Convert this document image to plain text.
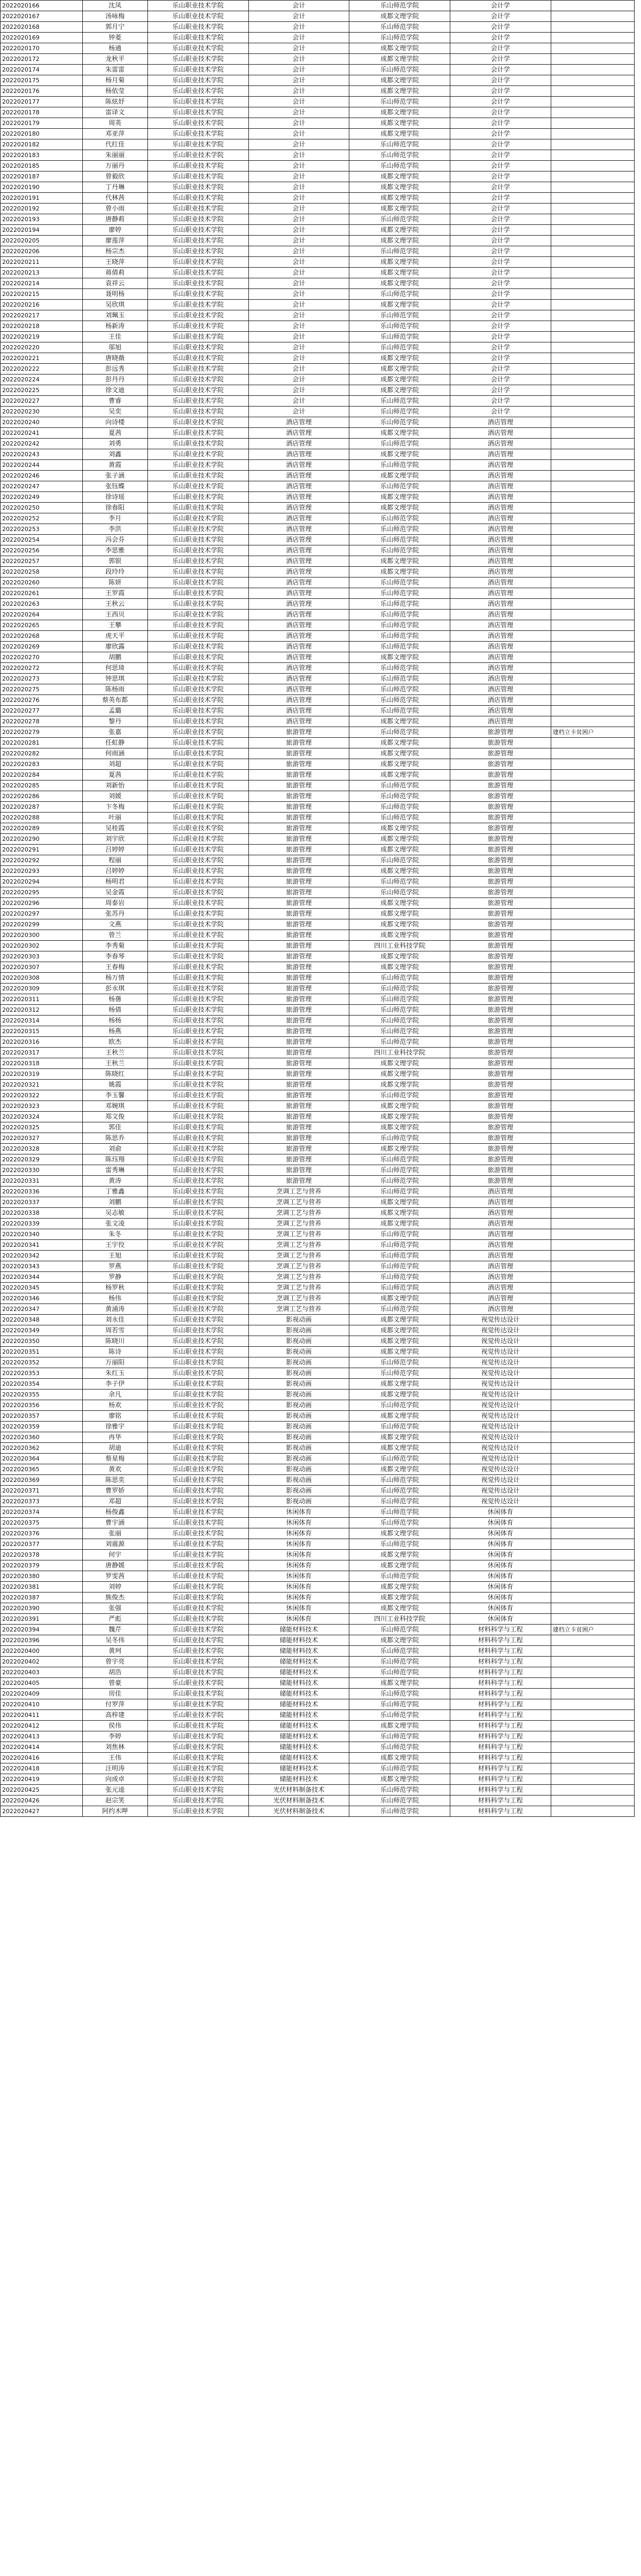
2022020166	沈凤	乐山职业技术学院	会计	乐山师范学院	会计学	
2022020167	汤咏梅	乐山职业技术学院	会计	成都文理学院	会计学	
2022020168	郭月宁	乐山职业技术学院	会计	乐山师范学院	会计学	
2022020169	钟菱	乐山职业技术学院	会计	乐山师范学院	会计学	
2022020170	杨通	乐山职业技术学院	会计	成都文理学院	会计学	
2022020172	龙秋平	乐山职业技术学院	会计	成都文理学院	会计学	
2022020174	朱雷雷	乐山职业技术学院	会计	乐山师范学院	会计学	
2022020175	杨月菊	乐山职业技术学院	会计	成都文理学院	会计学	
2022020176	杨依莹	乐山职业技术学院	会计	成都文理学院	会计学	
2022020177	陈炫妤	乐山职业技术学院	会计	乐山师范学院	会计学	
2022020178	雷译文	乐山职业技术学院	会计	成都文理学院	会计学	
2022020179	周英	乐山职业技术学院	会计	成都文理学院	会计学	
2022020180	邓亚萍	乐山职业技术学院	会计	成都文理学院	会计学	
2022020182	代红佳	乐山职业技术学院	会计	乐山师范学院	会计学	
2022020183	朱丽丽	乐山职业技术学院	会计	乐山师范学院	会计学	
2022020185	万丽丹	乐山职业技术学院	会计	乐山师范学院	会计学	
2022020187	曾毅欣	乐山职业技术学院	会计	成都文理学院	会计学	
2022020190	丁丹琳	乐山职业技术学院	会计	成都文理学院	会计学	
2022020191	代林茜	乐山职业技术学院	会计	成都文理学院	会计学	
2022020192	曾小雨	乐山职业技术学院	会计	成都文理学院	会计学	
2022020193	唐静莉	乐山职业技术学院	会计	乐山师范学院	会计学	
2022020194	廖婷	乐山职业技术学院	会计	成都文理学院	会计学	
2022020205	廖莲萍	乐山职业技术学院	会计	成都文理学院	会计学	
2022020206	杨宗杰	乐山职业技术学院	会计	乐山师范学院	会计学	
2022020211	王晓萍	乐山职业技术学院	会计	成都文理学院	会计学	
2022020213	蒋倩莉	乐山职业技术学院	会计	成都文理学院	会计学	
2022020214	袁祥云	乐山职业技术学院	会计	成都文理学院	会计学	
2022020215	聂明杨	乐山职业技术学院	会计	乐山师范学院	会计学	
2022020216	吴欣琪	乐山职业技术学院	会计	成都文理学院	会计学	
2022020217	刘珮玉	乐山职业技术学院	会计	乐山师范学院	会计学	
2022020218	杨新涛	乐山职业技术学院	会计	乐山师范学院	会计学	
2022020219	王佳	乐山职业技术学院	会计	乐山师范学院	会计学	
2022020220	邬旭	乐山职业技术学院	会计	乐山师范学院	会计学	
2022020221	唐晓薇	乐山职业技术学院	会计	成都文理学院	会计学	
2022020222	彭远秀	乐山职业技术学院	会计	成都文理学院	会计学	
2022020224	彭丹丹	乐山职业技术学院	会计	成都文理学院	会计学	
2022020225	徐文迪	乐山职业技术学院	会计	成都文理学院	会计学	
2022020227	曹睿	乐山职业技术学院	会计	乐山师范学院	会计学	
2022020230	吴奕	乐山职业技术学院	会计	乐山师范学院	会计学	
2022020240	向诗楼	乐山职业技术学院	酒店管理	乐山师范学院	酒店管理	
2022020241	夏茜	乐山职业技术学院	酒店管理	成都文理学院	酒店管理	
2022020242	刘勇	乐山职业技术学院	酒店管理	乐山师范学院	酒店管理	
2022020243	刘鑫	乐山职业技术学院	酒店管理	成都文理学院	酒店管理	
2022020244	黄霞	乐山职业技术学院	酒店管理	乐山师范学院	酒店管理	
2022020246	张子涵	乐山职业技术学院	酒店管理	成都文理学院	酒店管理	
2022020247	张钰蝶	乐山职业技术学院	酒店管理	乐山师范学院	酒店管理	
2022020249	徐诗瑶	乐山职业技术学院	酒店管理	成都文理学院	酒店管理	
2022020250	徐春阳	乐山职业技术学院	酒店管理	成都文理学院	酒店管理	
2022020252	李月	乐山职业技术学院	酒店管理	乐山师范学院	酒店管理	
2022020253	李洪	乐山职业技术学院	酒店管理	乐山师范学院	酒店管理	
2022020254	冯会芬	乐山职业技术学院	酒店管理	乐山师范学院	酒店管理	
2022020256	李思雅	乐山职业技术学院	酒店管理	乐山师范学院	酒店管理	
2022020257	郭银	乐山职业技术学院	酒店管理	成都文理学院	酒店管理	
2022020258	段玲玲	乐山职业技术学院	酒店管理	成都文理学院	酒店管理	
2022020260	陈妍	乐山职业技术学院	酒店管理	乐山师范学院	酒店管理	
2022020261	王罗霞	乐山职业技术学院	酒店管理	乐山师范学院	酒店管理	
2022020263	王秋云	乐山职业技术学院	酒店管理	乐山师范学院	酒店管理	
2022020264	王西贝	乐山职业技术学院	酒店管理	乐山师范学院	酒店管理	
2022020265	王攀	乐山职业技术学院	酒店管理	乐山师范学院	酒店管理	
2022020268	虎天平	乐山职业技术学院	酒店管理	乐山师范学院	酒店管理	
2022020269	廖欣露	乐山职业技术学院	酒店管理	乐山师范学院	酒店管理	
2022020270	胡鹏	乐山职业技术学院	酒店管理	成都文理学院	酒店管理	
2022020272	何思琦	乐山职业技术学院	酒店管理	乐山师范学院	酒店管理	
2022020273	钟思琪	乐山职业技术学院	酒店管理	乐山师范学院	酒店管理	
2022020275	陈杨雨	乐山职业技术学院	酒店管理	乐山师范学院	酒店管理	
2022020276	蔡英布都	乐山职业技术学院	酒店管理	乐山师范学院	酒店管理	
2022020277	孟璐	乐山职业技术学院	酒店管理	乐山师范学院	酒店管理	
2022020278	黎丹	乐山职业技术学院	酒店管理	成都文理学院	酒店管理	
2022020279	张嘉	乐山职业技术学院	旅游管理	乐山师范学院	旅游管理	建档立卡贫困户
2022020281	任虹静	乐山职业技术学院	旅游管理	成都文理学院	旅游管理	
2022020282	何雨涵	乐山职业技术学院	旅游管理	成都文理学院	旅游管理	
2022020283	刘超	乐山职业技术学院	旅游管理	成都文理学院	旅游管理	
2022020284	夏茜	乐山职业技术学院	旅游管理	成都文理学院	旅游管理	
2022020285	刘新怡	乐山职业技术学院	旅游管理	乐山师范学院	旅游管理	
2022020286	刘媛	乐山职业技术学院	旅游管理	乐山师范学院	旅游管理	
2022020287	卞冬梅	乐山职业技术学院	旅游管理	乐山师范学院	旅游管理	
2022020288	叶丽	乐山职业技术学院	旅游管理	乐山师范学院	旅游管理	
2022020289	吴桂霞	乐山职业技术学院	旅游管理	成都文理学院	旅游管理	
2022020290	刘宇欣	乐山职业技术学院	旅游管理	成都文理学院	旅游管理	
2022020291	吕婷婷	乐山职业技术学院	旅游管理	成都文理学院	旅游管理	
2022020292	程丽	乐山职业技术学院	旅游管理	乐山师范学院	旅游管理	
2022020293	吕婷婷	乐山职业技术学院	旅游管理	成都文理学院	旅游管理	
2022020294	杨明君	乐山职业技术学院	旅游管理	乐山师范学院	旅游管理	
2022020295	吴金霞	乐山职业技术学院	旅游管理	乐山师范学院	旅游管理	
2022020296	周泰岩	乐山职业技术学院	旅游管理	成都文理学院	旅游管理	
2022020297	张苏丹	乐山职业技术学院	旅游管理	成都文理学院	旅游管理	
2022020299	文燕	乐山职业技术学院	旅游管理	成都文理学院	旅游管理	
2022020300	曾兰	乐山职业技术学院	旅游管理	成都文理学院	旅游管理	
2022020302	李秀菊	乐山职业技术学院	旅游管理	四川工业科技学院	旅游管理	
2022020303	李春琴	乐山职业技术学院	旅游管理	成都文理学院	旅游管理	
2022020307	王春梅	乐山职业技术学院	旅游管理	成都文理学院	旅游管理	
2022020308	杨万情	乐山职业技术学院	旅游管理	乐山师范学院	旅游管理	
2022020309	彭永琪	乐山职业技术学院	旅游管理	乐山师范学院	旅游管理	
2022020311	杨蒨	乐山职业技术学院	旅游管理	乐山师范学院	旅游管理	
2022020312	杨倩	乐山职业技术学院	旅游管理	乐山师范学院	旅游管理	
2022020314	杨杨	乐山职业技术学院	旅游管理	乐山师范学院	旅游管理	
2022020315	杨燕	乐山职业技术学院	旅游管理	乐山师范学院	旅游管理	
2022020316	欧杰	乐山职业技术学院	旅游管理	乐山师范学院	旅游管理	
2022020317	王秋兰	乐山职业技术学院	旅游管理	四川工业科技学院	旅游管理	
2022020318	王秋兰	乐山职业技术学院	旅游管理	成都文理学院	旅游管理	
2022020319	陈晓红	乐山职业技术学院	旅游管理	成都文理学院	旅游管理	
2022020321	姚霞	乐山职业技术学院	旅游管理	成都文理学院	旅游管理	
2022020322	李玉馨	乐山职业技术学院	旅游管理	乐山师范学院	旅游管理	
2022020323	邓婉琪	乐山职业技术学院	旅游管理	成都文理学院	旅游管理	
2022020324	郑文俊	乐山职业技术学院	旅游管理	成都文理学院	旅游管理	
2022020325	郭佳	乐山职业技术学院	旅游管理	成都文理学院	旅游管理	
2022020327	陈思乔	乐山职业技术学院	旅游管理	乐山师范学院	旅游管理	
2022020328	刘俞	乐山职业技术学院	旅游管理	成都文理学院	旅游管理	
2022020329	陈珏翔	乐山职业技术学院	旅游管理	乐山师范学院	旅游管理	
2022020330	雷秀琳	乐山职业技术学院	旅游管理	乐山师范学院	旅游管理	
2022020331	黄涛	乐山职业技术学院	旅游管理	乐山师范学院	旅游管理	
2022020336	丁雅鑫	乐山职业技术学院	烹调工艺与营养	乐山师范学院	酒店管理	
2022020337	刘鹏	乐山职业技术学院	烹调工艺与营养	成都文理学院	酒店管理	
2022020338	吴志敏	乐山职业技术学院	烹调工艺与营养	成都文理学院	酒店管理	
2022020339	张文凌	乐山职业技术学院	烹调工艺与营养	成都文理学院	酒店管理	
2022020340	朱冬	乐山职业技术学院	烹调工艺与营养	乐山师范学院	酒店管理	
2022020341	王宇佼	乐山职业技术学院	烹调工艺与营养	乐山师范学院	酒店管理	
2022020342	王旭	乐山职业技术学院	烹调工艺与营养	乐山师范学院	酒店管理	
2022020343	罗燕	乐山职业技术学院	烹调工艺与营养	乐山师范学院	酒店管理	
2022020344	罗静	乐山职业技术学院	烹调工艺与营养	乐山师范学院	酒店管理	
2022020345	杨罗秋	乐山职业技术学院	烹调工艺与营养	乐山师范学院	酒店管理	
2022020346	杨伟	乐山职业技术学院	烹调工艺与营养	成都文理学院	酒店管理	
2022020347	黄涌涛	乐山职业技术学院	烹调工艺与营养	乐山师范学院	酒店管理	
2022020348	刘永佳	乐山职业技术学院	影视动画	成都文理学院	视觉传达设计	
2022020349	周若雪	乐山职业技术学院	影视动画	成都文理学院	视觉传达设计	
2022020350	陈晓川	乐山职业技术学院	影视动画	成都文理学院	视觉传达设计	
2022020351	陈诗	乐山职业技术学院	影视动画	成都文理学院	视觉传达设计	
2022020352	万丽阳	乐山职业技术学院	影视动画	乐山师范学院	视觉传达设计	
2022020353	朱红玉	乐山职业技术学院	影视动画	乐山师范学院	视觉传达设计	
2022020354	李子伊	乐山职业技术学院	影视动画	成都文理学院	视觉传达设计	
2022020355	余凡	乐山职业技术学院	影视动画	成都文理学院	视觉传达设计	
2022020356	杨欢	乐山职业技术学院	影视动画	乐山师范学院	视觉传达设计	
2022020357	廖铭	乐山职业技术学院	影视动画	成都文理学院	视觉传达设计	
2022020359	徐雅宇	乐山职业技术学院	影视动画	乐山师范学院	视觉传达设计	
2022020360	冉华	乐山职业技术学院	影视动画	成都文理学院	视觉传达设计	
2022020362	胡迪	乐山职业技术学院	影视动画	成都文理学院	视觉传达设计	
2022020364	蔡星梅	乐山职业技术学院	影视动画	乐山师范学院	视觉传达设计	
2022020365	黄欢	乐山职业技术学院	影视动画	成都文理学院	视觉传达设计	
2022020369	陈思奕	乐山职业技术学院	影视动画	乐山师范学院	视觉传达设计	
2022020371	曹罗娇	乐山职业技术学院	影视动画	乐山师范学院	视觉传达设计	
2022020373	邓超	乐山职业技术学院	影视动画	乐山师范学院	视觉传达设计	
2022020374	杨俊鑫	乐山职业技术学院	休闲体育	乐山师范学院	休闲体育	
2022020375	曹宇涵	乐山职业技术学院	休闲体育	乐山师范学院	休闲体育	
2022020376	张丽	乐山职业技术学院	休闲体育	成都文理学院	休闲体育	
2022020377	刘震源	乐山职业技术学院	休闲体育	乐山师范学院	休闲体育	
2022020378	何宇	乐山职业技术学院	休闲体育	成都文理学院	休闲体育	
2022020379	唐静媛	乐山职业技术学院	休闲体育	成都文理学院	休闲体育	
2022020380	罗雯茜	乐山职业技术学院	休闲体育	乐山师范学院	休闲体育	
2022020381	刘婷	乐山职业技术学院	休闲体育	成都文理学院	休闲体育	
2022020387	熊俊杰	乐山职业技术学院	休闲体育	成都文理学院	休闲体育	
2022020390	张强	乐山职业技术学院	休闲体育	成都文理学院	休闲体育	
2022020391	严彪	乐山职业技术学院	休闲体育	四川工业科技学院	休闲体育	
2022020394	魏芹	乐山职业技术学院	储能材料技术	乐山师范学院	材料科学与工程	建档立卡贫困户
2022020396	吴冬伟	乐山职业技术学院	储能材料技术	成都文理学院	材料科学与工程	
2022020400	黄珂	乐山职业技术学院	储能材料技术	乐山师范学院	材料科学与工程	
2022020402	曾宇亮	乐山职业技术学院	储能材料技术	乐山师范学院	材料科学与工程	
2022020403	胡浩	乐山职业技术学院	储能材料技术	乐山师范学院	材料科学与工程	
2022020405	曾豪	乐山职业技术学院	储能材料技术	成都文理学院	材料科学与工程	
2022020409	房佳	乐山职业技术学院	储能材料技术	乐山师范学院	材料科学与工程	
2022020410	付罗萍	乐山职业技术学院	储能材料技术	乐山师范学院	材料科学与工程	
2022020411	高梓建	乐山职业技术学院	储能材料技术	乐山师范学院	材料科学与工程	
2022020412	侯伟	乐山职业技术学院	储能材料技术	成都文理学院	材料科学与工程	
2022020413	李婷	乐山职业技术学院	储能材料技术	乐山师范学院	材料科学与工程	
2022020414	刘焦林	乐山职业技术学院	储能材料技术	乐山师范学院	材料科学与工程	
2022020416	王伟	乐山职业技术学院	储能材料技术	成都文理学院	材料科学与工程	
2022020418	汪明涛	乐山职业技术学院	储能材料技术	乐山师范学院	材料科学与工程	
2022020419	向成卓	乐山职业技术学院	储能材料技术	成都文理学院	材料科学与工程	
2022020425	张元逵	乐山职业技术学院	光伏材料制备技术	乐山师范学院	材料科学与工程	
2022020426	赵宗笑	乐山职业技术学院	光伏材料制备技术	乐山师范学院	材料科学与工程	
2022020427	阿约木呷	乐山职业技术学院	光伏材料制备技术	乐山师范学院	材料科学与工程	
